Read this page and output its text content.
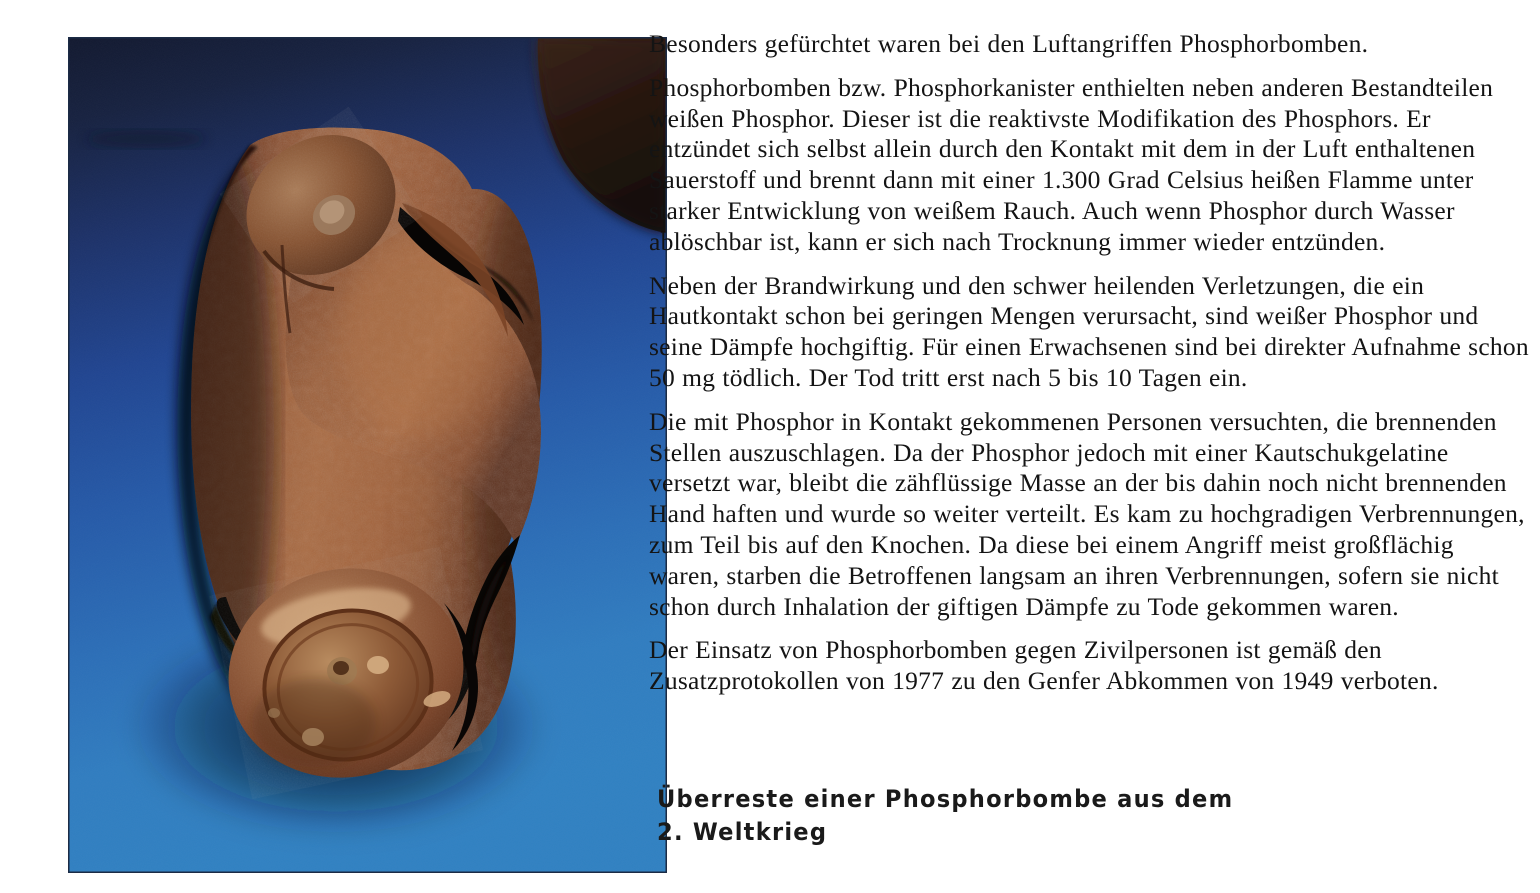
Besonders gefürchtet waren bei den Luftangriffen Phosphorbomben.

Phosphorbomben bzw. Phosphorkanister enthielten neben anderen Bestandteilen weißen Phosphor. Dieser ist die reaktivste Modifikation des Phosphors. Er entzündet sich selbst allein durch den Kontakt mit dem in der Luft enthaltenen Sauerstoff und brennt dann mit einer 1.300 Grad Celsius heißen Flamme unter starker Entwicklung von weißem Rauch. Auch wenn Phosphor durch Wasser ablöschbar ist, kann er sich nach Trocknung immer wieder entzünden.

Neben der Brandwirkung und den schwer heilenden Verletzungen, die ein Hautkontakt schon bei geringen Mengen verursacht, sind weißer Phosphor und seine Dämpfe hochgiftig. Für einen Erwachsenen sind bei direkter Aufnahme schon 50 mg tödlich. Der Tod tritt erst nach 5 bis 10 Tagen ein.

Die mit Phosphor in Kontakt gekommenen Personen versuchten, die brennenden Stellen auszuschlagen. Da der Phosphor jedoch mit einer Kautschukgelatine versetzt war, bleibt die zähflüssige Masse an der bis dahin noch nicht brennenden Hand haften und wurde so weiter verteilt. Es kam zu hochgradigen Verbrennungen, zum Teil bis auf den Knochen. Da diese bei einem Angriff meist großflächig waren, starben die Betroffenen langsam an ihren Verbrennungen, sofern sie nicht schon durch Inhalation der giftigen Dämpfe zu Tode gekommen waren.

Der Einsatz von Phosphorbomben gegen Zivilpersonen ist gemäß den Zusatzprotokollen von 1977 zu den Genfer Abkommen von 1949 verboten.

Überreste einer Phosphorbombe aus dem
2. Weltkrieg
